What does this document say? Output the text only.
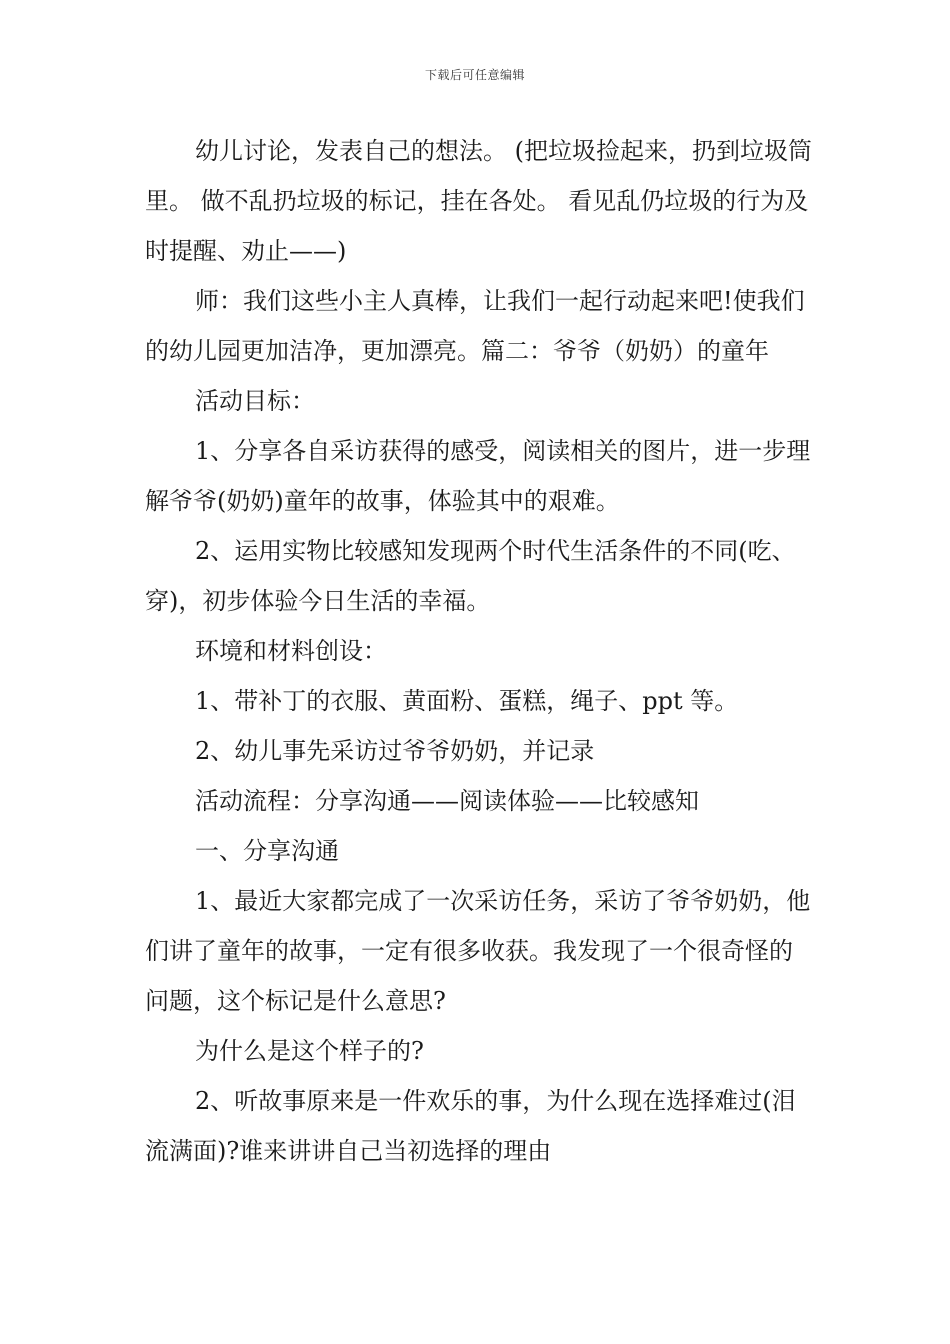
下载后可任意编辑

幼儿讨论，发表自己的想法。 (把垃圾捡起来，扔到垃圾筒里。 做不乱扔垃圾的标记，挂在各处。 看见乱仍垃圾的行为及时提醒、劝止——)

师：我们这些小主人真棒，让我们一起行动起来吧!使我们的幼儿园更加洁净，更加漂亮。篇二：爷爷（奶奶）的童年

活动目标：

1、分享各自采访获得的感受，阅读相关的图片，进一步理解爷爷(奶奶)童年的故事，体验其中的艰难。

2、运用实物比较感知发现两个时代生活条件的不同(吃、穿)，初步体验今日生活的幸福。

环境和材料创设：

1、带补丁的衣服、黄面粉、蛋糕，绳子、ppt 等。

2、幼儿事先采访过爷爷奶奶，并记录

活动流程：分享沟通——阅读体验——比较感知

一、分享沟通

1、最近大家都完成了一次采访任务，采访了爷爷奶奶，他们讲了童年的故事，一定有很多收获。我发现了一个很奇怪的问题，这个标记是什么意思?

为什么是这个样子的?

2、听故事原来是一件欢乐的事，为什么现在选择难过(泪流满面)?谁来讲讲自己当初选择的理由
